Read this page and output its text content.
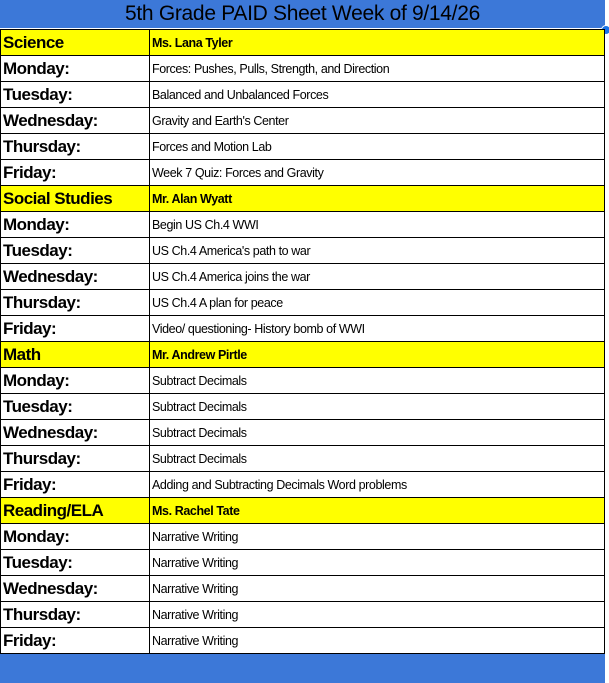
5th Grade PAID Sheet Week of 9/14/26
Science	Ms. Lana Tyler
Monday:	Forces: Pushes, Pulls, Strength, and Direction
Tuesday:	Balanced and Unbalanced Forces
Wednesday:	Gravity and Earth's Center
Thursday:	Forces and Motion Lab
Friday:	Week 7 Quiz: Forces and Gravity
Social Studies	Mr. Alan Wyatt
Monday:	Begin US Ch.4 WWI
Tuesday:	US Ch.4 America's path to war
Wednesday:	US Ch.4 America joins the war
Thursday:	US Ch.4 A plan for peace
Friday:	Video/ questioning- History bomb of WWI
Math	Mr. Andrew Pirtle
Monday:	Subtract Decimals
Tuesday:	Subtract Decimals
Wednesday:	Subtract Decimals
Thursday:	Subtract Decimals
Friday:	Adding and Subtracting Decimals Word problems
Reading/ELA	Ms. Rachel Tate
Monday:	Narrative Writing
Tuesday:	Narrative Writing
Wednesday:	Narrative Writing
Thursday:	Narrative Writing
Friday:	Narrative Writing
